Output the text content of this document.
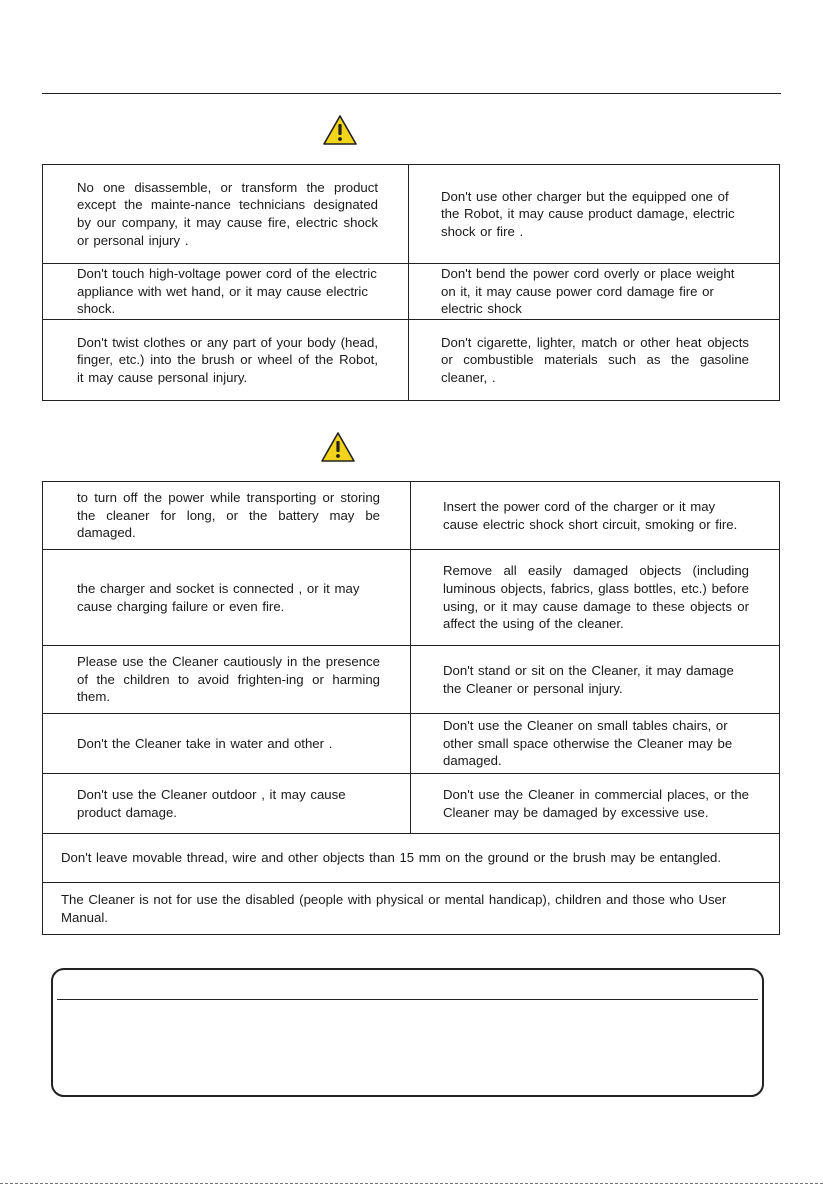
No one disassemble, or transform the product except the mainte-nance technicians designated by our company, it may cause fire, electric shock or personal injury .	Don't use other charger but the equipped one of the Robot, it may cause product damage, electric shock or fire .
Don't touch high-voltage power cord of the electric appliance with wet hand, or it may cause electric shock.	Don't bend the power cord overly or place weight on it, it may cause power cord damage fire or electric shock
Don't twist clothes or any part of your body (head, finger, etc.) into the brush or wheel of the Robot, it may cause personal injury.	Don't cigarette, lighter, match or other heat objects or combustible materials such as the gasoline cleaner, .
to turn off the power while transporting or storing the cleaner for long, or the battery may be damaged.	Insert the power cord of the charger or it may cause electric shock short circuit, smoking or fire.
the charger and socket is connected , or it may cause charging failure or even fire.	Remove all easily damaged objects (including luminous objects, fabrics, glass bottles, etc.) before using, or it may cause damage to these objects or affect the using of the cleaner.
Please use the Cleaner cautiously in the presence of the children to avoid frighten-ing or harming them.	Don't stand or sit on the Cleaner, it may damage the Cleaner or personal injury.
Don't the Cleaner take in water and other .	Don't use the Cleaner on small tables chairs, or other small space otherwise the Cleaner may be damaged.
Don't use the Cleaner outdoor , it may cause product damage.	Don't use the Cleaner in commercial places, or the Cleaner may be damaged by excessive use.
Don't leave movable thread, wire and other objects than 15 mm on the ground or the brush may be entangled.	
The Cleaner is not for use the disabled (people with physical or mental handicap), children and those who User Manual.	
